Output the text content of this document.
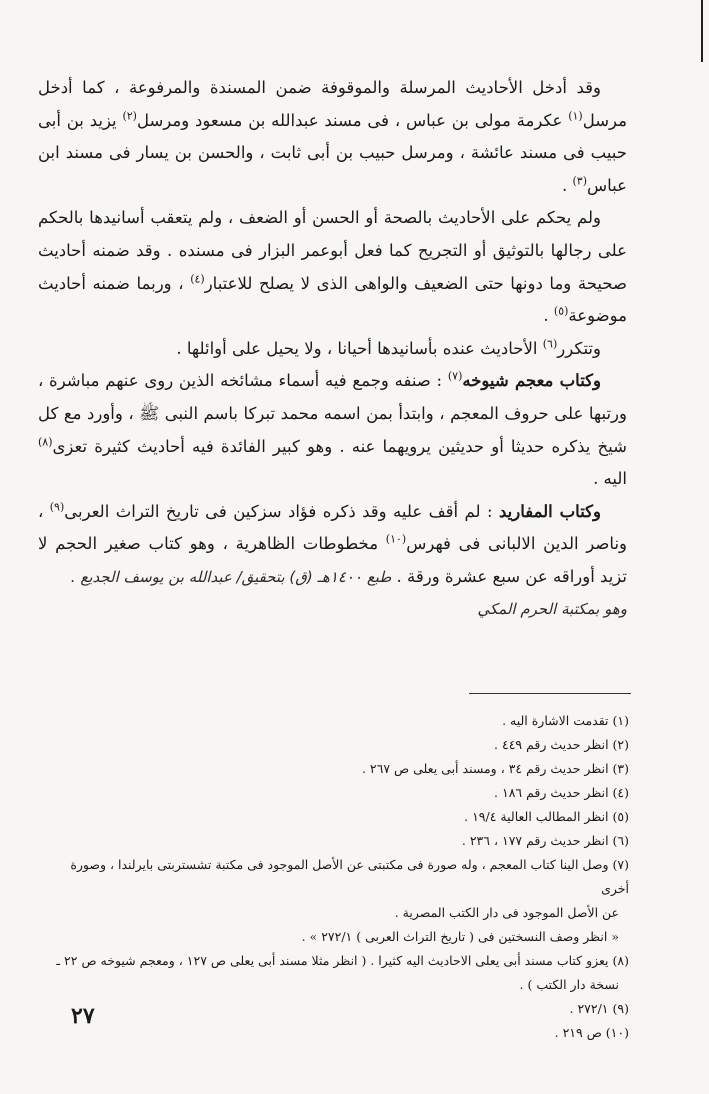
وقد أدخل الأحاديث المرسلة والموقوفة ضمن المسندة والمرفوعة ، كما أدخل مرسل$^{(١)}$ عكرمة مولى بن عباس ، فى مسند عبدالله بن مسعود ومرسل$^{(٢)}$ يزيد بن أبى حبيب فى مسند عائشة ، ومرسل حبيب بن أبى ثابت ، والحسن بن يسار فى مسند ابن عباس$^{(٣)}$ .

ولم يحكم على الأحاديث بالصحة أو الحسن أو الضعف ، ولم يتعقب أسانيدها بالحكم على رجالها بالتوثيق أو التجريح كما فعل أبوعمر البزار فى مسنده . وقد ضمنه أحاديث صحيحة وما دونها حتى الضعيف والواهى الذى لا يصلح للاعتبار$^{(٤)}$ ، وربما ضمنه أحاديث موضوعة$^{(٥)}$ .

وتتكرر$^{(٦)}$ الأحاديث عنده بأسانيدها أحيانا ، ولا يحيل على أوائلها .

وكتاب معجم شيوخه$^{(٧)}$ : صنفه وجمع فيه أسماء مشائخه الذين روى عنهم مباشرة ، ورتبها على حروف المعجم ، وابتدأ بمن اسمه محمد تبركا باسم النبى ﷺ ، وأورد مع كل شيخ يذكره حديثا أو حديثين يرويهما عنه . وهو كبير الفائدة فيه أحاديث كثيرة تعزى$^{(٨)}$ اليه .

وكتاب المفاريد : لم أقف عليه وقد ذكره فؤاد سزكين فى تاريخ التراث العربى$^{(٩)}$ ، وناصر الدين الالبانى فى فهرس$^{(١٠)}$ مخطوطات الظاهرية ، وهو كتاب صغير الحجم لا تزيد أوراقه عن سبع عشرة ورقة . طبع ١٤٠٠هـ (ق) بتحقيق/ عبدالله بن يوسف الجديع .

وهو بمكتبة الحرم المكي

(١) تقدمت الاشارة اليه .

(٢) انظر حديث رقم ٤٤٩ .

(٣) انظر حديث رقم ٣٤ ، ومسند أبى يعلى ص ٢٦٧ .

(٤) انظر حديث رقم ١٨٦ .

(٥) انظر المطالب العالية ١٩/٤ .

(٦) انظر حديث رقم ١٧٧ ، ٢٣٦ .

(٧) وصل الينا كتاب المعجم ، وله صورة فى مكتبتى عن الأصل الموجود فى مكتبة تشستربتى بايرلندا ، وصورة أخرى

عن الأصل الموجود فى دار الكتب المصرية .

« انظر وصف النسختين فى ( تاريخ التراث العربى ) ٢٧٢/١ » .

(٨) يعزو كتاب مسند أبى يعلى الاحاديث اليه كثيرا . ( انظر مثلا مسند أبى يعلى ص ١٢٧ ، ومعجم شيوخه ص ٢٢ ـ

نسخة دار الكتب ) .

(٩) ٢٧٢/١ .

(١٠) ص ٢١٩ .

٢٧
